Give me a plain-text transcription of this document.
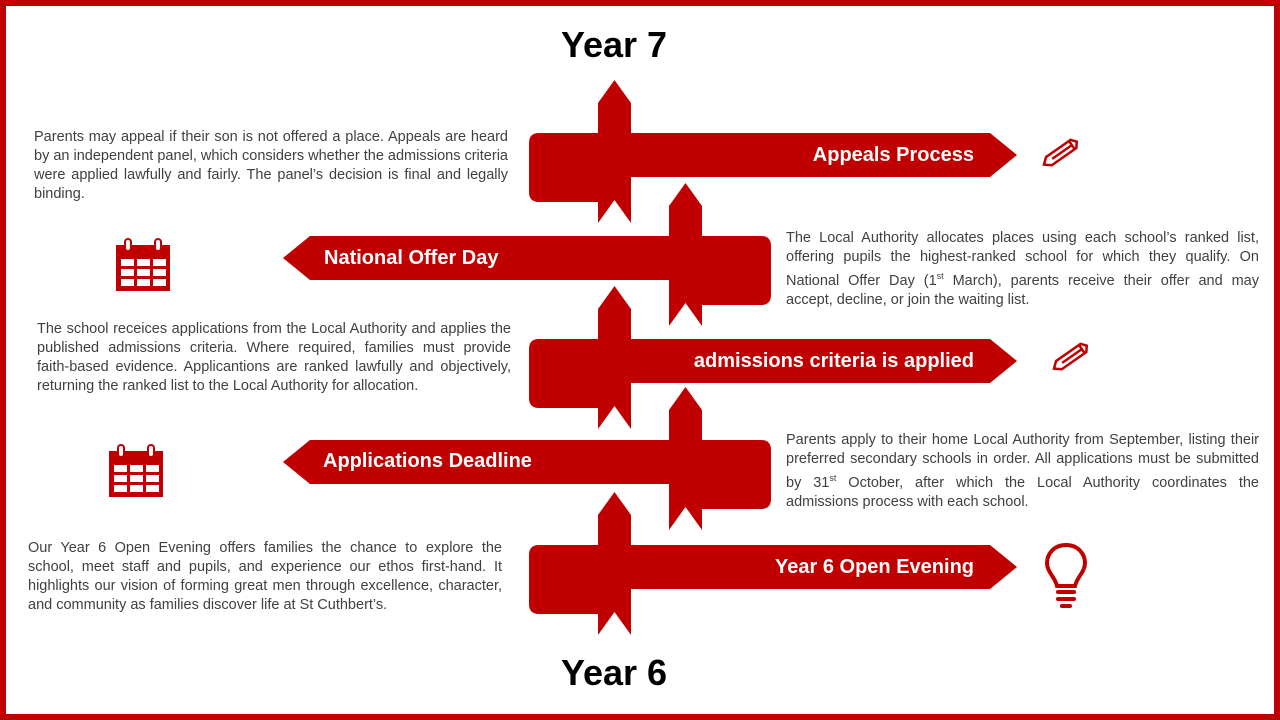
Year 7
Year 6
Appeals Process
National Offer Day
admissions criteria is applied
Applications Deadline
Year 6 Open Evening
Parents may appeal if their son is not offered a place. Appeals are heard by an independent panel, which considers whether the admissions criteria were applied lawfully and fairly. The panel’s decision is final and legally binding.
The Local Authority allocates places using each school’s ranked list, offering pupils the highest-ranked school for which they qualify. On National Offer Day (1st March), parents receive their offer and may accept, decline, or join the waiting list.
The school receices applications from the Local Authority and applies the published admissions criteria. Where required, families must provide faith-based evidence. Applicantions are ranked lawfully and objectively, returning the ranked list to the Local Authority for allocation.
Parents apply to their home Local Authority from September, listing their preferred secondary schools in order. All applications must be submitted by 31st October, after which the Local Authority coordinates the admissions process with each school.
Our Year 6 Open Evening offers families the chance to explore the school, meet staff and pupils, and experience our ethos first-hand. It highlights our vision of forming great men through excellence, character, and community as families discover life at St Cuthbert’s.
